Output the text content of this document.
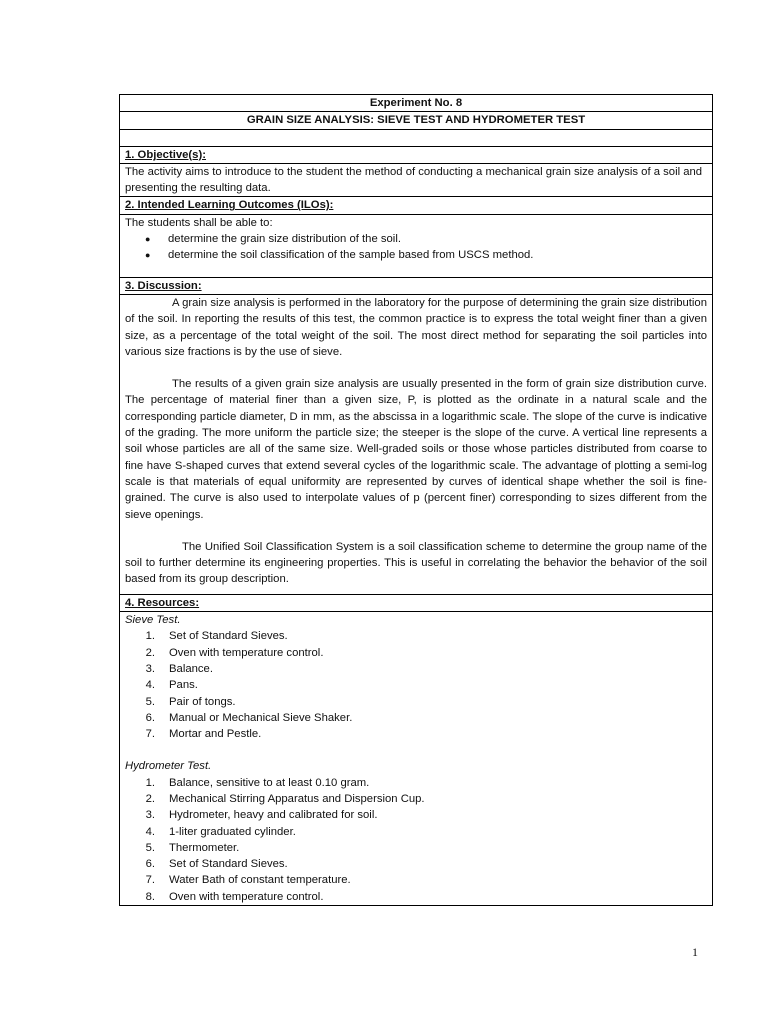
Experiment No. 8
GRAIN SIZE ANALYSIS: SIEVE TEST AND HYDROMETER TEST
1. Objective(s):
The activity aims to introduce to the student the method of conducting a mechanical grain size analysis of a soil and presenting the resulting data.
2. Intended Learning Outcomes (ILOs):
The students shall be able to:
● determine the grain size distribution of the soil.
● determine the soil classification of the sample based from USCS method.
3. Discussion:
A grain size analysis is performed in the laboratory for the purpose of determining the grain size distribution of the soil. In reporting the results of this test, the common practice is to express the total weight finer than a given size, as a percentage of the total weight of the soil. The most direct method for separating the soil particles into various size fractions is by the use of sieve.
The results of a given grain size analysis are usually presented in the form of grain size distribution curve. The percentage of material finer than a given size, P, is plotted as the ordinate in a natural scale and the corresponding particle diameter, D in mm, as the abscissa in a logarithmic scale. The slope of the curve is indicative of the grading. The more uniform the particle size; the steeper is the slope of the curve. A vertical line represents a soil whose particles are all of the same size. Well-graded soils or those whose particles distributed from coarse to fine have S-shaped curves that extend several cycles of the logarithmic scale. The advantage of plotting a semi-log scale is that materials of equal uniformity are represented by curves of identical shape whether the soil is fine-grained. The curve is also used to interpolate values of p (percent finer) corresponding to sizes different from the sieve openings.
The Unified Soil Classification System is a soil classification scheme to determine the group name of the soil to further determine its engineering properties. This is useful in correlating the behavior the behavior of the soil based from its group description.
4. Resources:
Sieve Test.
1. Set of Standard Sieves.
2. Oven with temperature control.
3. Balance.
4. Pans.
5. Pair of tongs.
6. Manual or Mechanical Sieve Shaker.
7. Mortar and Pestle.
Hydrometer Test.
1. Balance, sensitive to at least 0.10 gram.
2. Mechanical Stirring Apparatus and Dispersion Cup.
3. Hydrometer, heavy and calibrated for soil.
4. 1-liter graduated cylinder.
5. Thermometer.
6. Set of Standard Sieves.
7. Water Bath of constant temperature.
8. Oven with temperature control.
1
